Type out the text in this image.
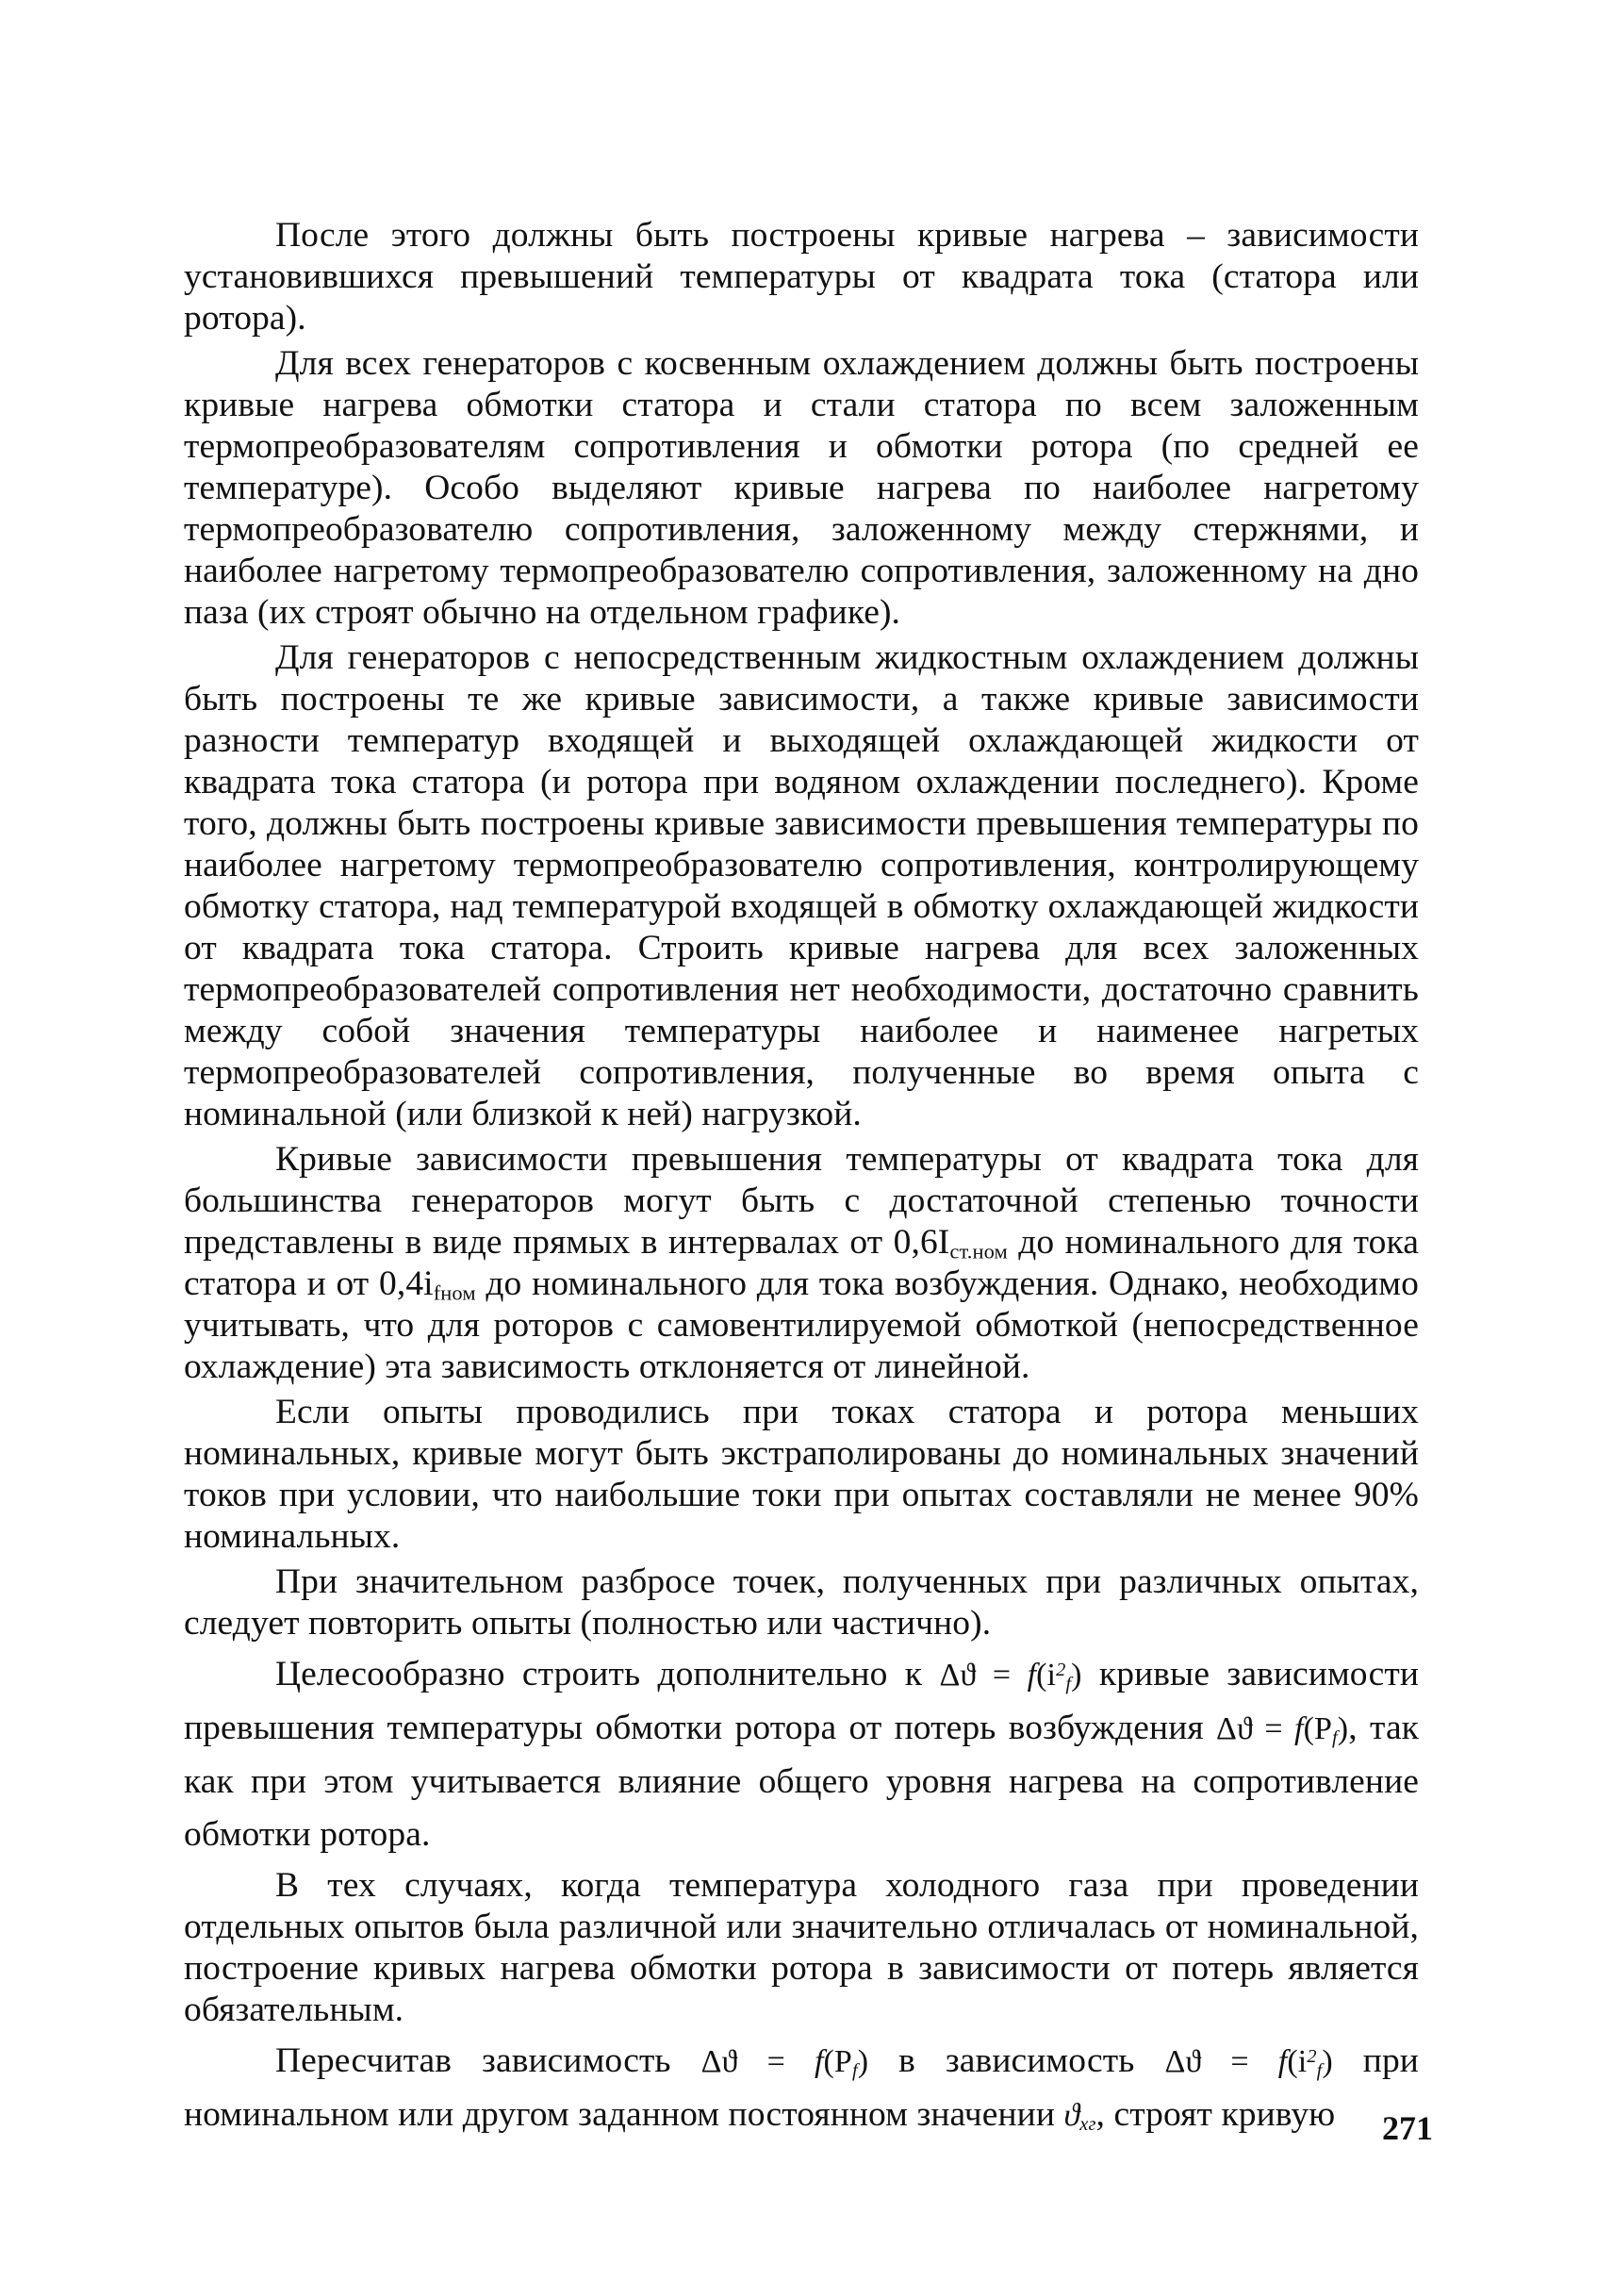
После этого должны быть построены кривые нагрева – зависимости установившихся превышений температуры от квадрата тока (статора или ротора).

Для всех генераторов с косвенным охлаждением должны быть построены кривые нагрева обмотки статора и стали статора по всем заложенным термопреобразователям сопротивления и обмотки ротора (по средней ее температуре). Особо выделяют кривые нагрева по наиболее нагретому термопреобразователю сопротивления, заложенному между стержнями, и наиболее нагретому термопреобразователю сопротивления, заложенному на дно паза (их строят обычно на отдельном графике).

Для генераторов с непосредственным жидкостным охлаждением должны быть построены те же кривые зависимости, а также кривые зависимости разности температур входящей и выходящей охлаждающей жидкости от квадрата тока статора (и ротора при водяном охлаждении последнего). Кроме того, должны быть построены кривые зависимости превышения температуры по наиболее нагретому термопреобразователю сопротивления, контролирующему обмотку статора, над температурой входящей в обмотку охлаждающей жидкости от квадрата тока статора. Строить кривые нагрева для всех заложенных термопреобразователей сопротивления нет необходимости, достаточно сравнить между собой значения температуры наиболее и наименее нагретых термопреобразователей сопротивления, полученные во время опыта с номинальной (или близкой к ней) нагрузкой.

Кривые зависимости превышения температуры от квадрата тока для большинства генераторов могут быть с достаточной степенью точности представлены в виде прямых в интервалах от $0,6I_{ст.ном}$ до номинального для тока статора и от $0,4i_{fном}$ до номинального для тока возбуждения. Однако, необходимо учитывать, что для роторов с самовентилируемой обмоткой (непосредственное охлаждение) эта зависимость отклоняется от линейной.

Если опыты проводились при токах статора и ротора меньших номинальных, кривые могут быть экстраполированы до номинальных значений токов при условии, что наибольшие токи при опытах составляли не менее 90% номинальных.

При значительном разбросе точек, полученных при различных опытах, следует повторить опыты (полностью или частично).

Целесообразно строить дополнительно к $\Delta ϑ = f(i^2_f)$ кривые зависимости превышения температуры обмотки ротора от потерь возбуждения $\Delta ϑ = f(P_f)$, так как при этом учитывается влияние общего уровня нагрева на сопротивление обмотки ротора.

В тех случаях, когда температура холодного газа при проведении отдельных опытов была различной или значительно отличалась от номинальной, построение кривых нагрева обмотки ротора в зависимости от потерь является обязательным.

Пересчитав зависимость $\Delta ϑ = f(P_f)$ в зависимость $\Delta ϑ = f(i^2_f)$ при номинальном или другом заданном постоянном значении $ϑ_{хг}$, строят кривую	271
